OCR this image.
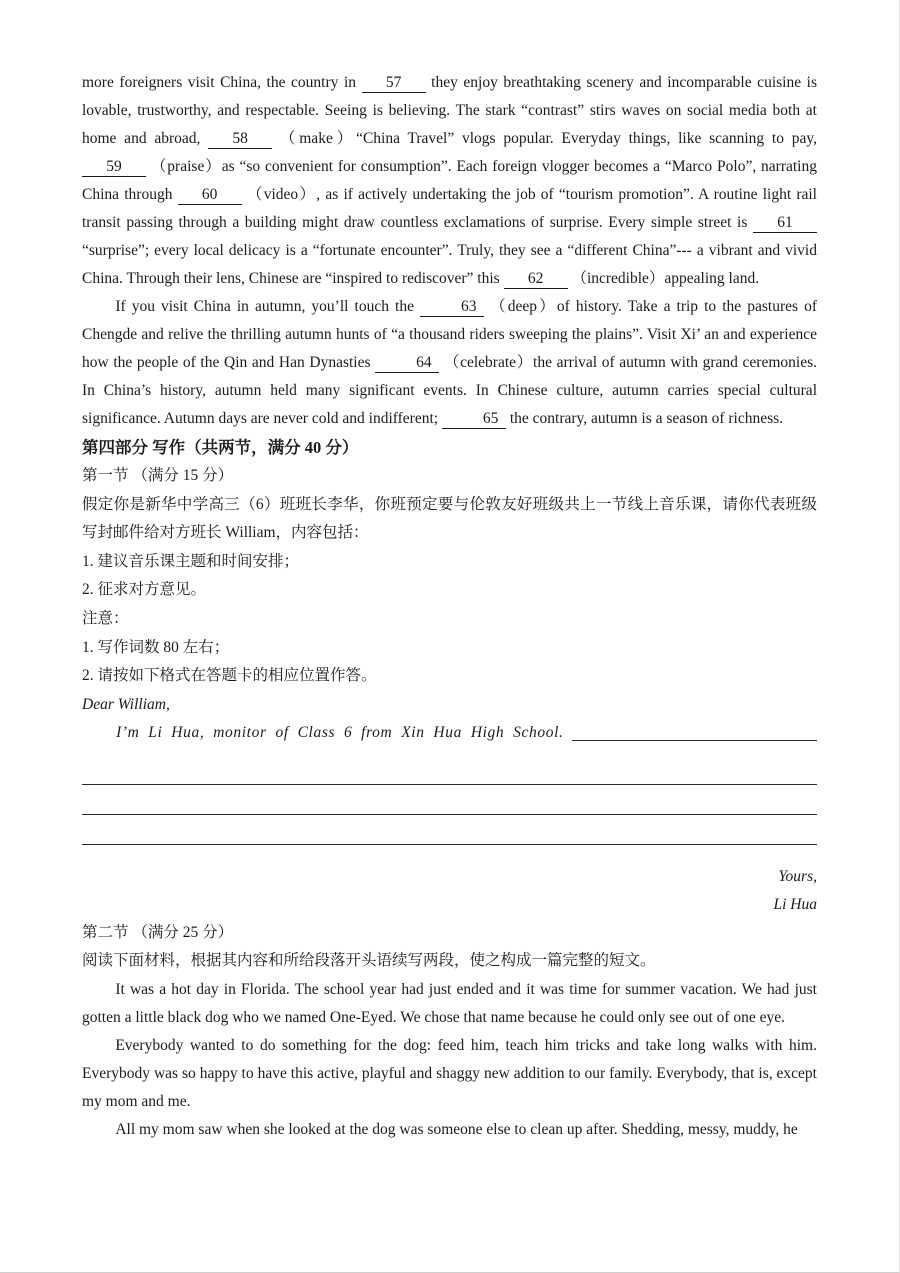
more foreigners visit China, the country in 57 they enjoy breathtaking scenery and incomparable cuisine is lovable, trustworthy, and respectable. Seeing is believing. The stark “contrast” stirs waves on social media both at home and abroad, 58 （make）“China Travel” vlogs popular. Everyday things, like scanning to pay, 59 （praise）as “so convenient for consumption”. Each foreign vlogger becomes a “Marco Polo”, narrating China through 60 （video）, as if actively undertaking the job of “tourism promotion”. A routine light rail transit passing through a building might draw countless exclamations of surprise. Every simple street is 61 “surprise”; every local delicacy is a “fortunate encounter”. Truly, they see a “different China”--- a vibrant and vivid China. Through their lens, Chinese are “inspired to rediscover” this 62 （incredible）appealing land.

If you visit China in autumn, you’ll touch the	63 （deep）of history. Take a trip to the pastures of Chengde and relive the thrilling autumn hunts of “a thousand riders sweeping the plains”. Visit Xi’ an and experience how the people of the Qin and Han Dynasties	64 （celebrate）the arrival of autumn with grand ceremonies. In China’s history, autumn held many significant events. In Chinese culture, autumn carries special cultural significance. Autumn days are never cold and indifferent;	65 the contrary, autumn is a season of richness.

第四部分 写作（共两节，满分 40 分）

第一节 （满分 15 分）

假定你是新华中学高三（6）班班长李华，你班预定要与伦敦友好班级共上一节线上音乐课，请你代表班级写封邮件给对方班长 William，内容包括：

1. 建议音乐课主题和时间安排；

2. 征求对方意见。

注意：

1. 写作词数 80 左右；

2. 请按如下格式在答题卡的相应位置作答。

Dear William,

I’m Li Hua, monitor of Class 6 from Xin Hua High School.

Yours,

Li Hua

第二节 （满分 25 分）

阅读下面材料，根据其内容和所给段落开头语续写两段，使之构成一篇完整的短文。

It was a hot day in Florida. The school year had just ended and it was time for summer vacation. We had just gotten a little black dog who we named One-Eyed. We chose that name because he could only see out of one eye.

Everybody wanted to do something for the dog: feed him, teach him tricks and take long walks with him. Everybody was so happy to have this active, playful and shaggy new addition to our family. Everybody, that is, except my mom and me.

All my mom saw when she looked at the dog was someone else to clean up after. Shedding, messy, muddy, he
